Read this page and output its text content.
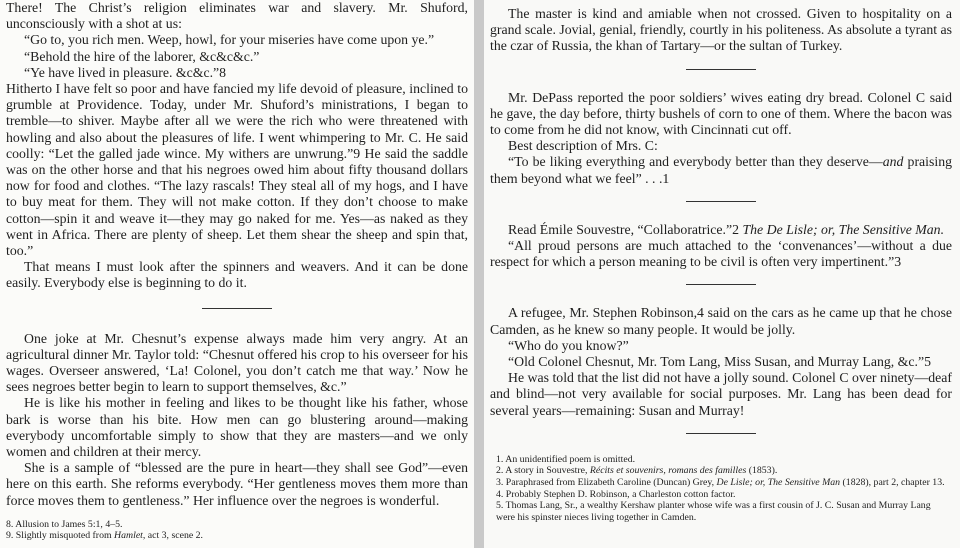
There! The Christ’s religion eliminates war and slavery. Mr. Shuford, unconsciously with a shot at us:

“Go to, you rich men. Weep, howl, for your miseries have come upon ye.”

“Behold the hire of the laborer, &c&c&c.”

“Ye have lived in pleasure. &c&c.”8

Hitherto I have felt so poor and have fancied my life devoid of pleasure, inclined to grumble at Providence. Today, under Mr. Shuford’s ministrations, I began to tremble—to shiver. Maybe after all we were the rich who were threatened with howling and also about the pleasures of life. I went whimpering to Mr. C. He said coolly: “Let the galled jade wince. My withers are unwrung.”9 He said the saddle was on the other horse and that his negroes owed him about fifty thousand dollars now for food and clothes. “The lazy rascals! They steal all of my hogs, and I have to buy meat for them. They will not make cotton. If they don’t choose to make cotton—spin it and weave it—they may go naked for me. Yes—as naked as they went in Africa. There are plenty of sheep. Let them shear the sheep and spin that, too.”

That means I must look after the spinners and weavers. And it can be done easily. Everybody else is beginning to do it.

One joke at Mr. Chesnut’s expense always made him very angry. At an agricultural dinner Mr. Taylor told: “Chesnut offered his crop to his overseer for his wages. Overseer answered, ‘La! Colonel, you don’t catch me that way.’ Now he sees negroes better begin to learn to support themselves, &c.”

He is like his mother in feeling and likes to be thought like his father, whose bark is worse than his bite. How men can go blustering around—making everybody uncomfortable simply to show that they are masters—and we only women and children at their mercy.

She is a sample of “blessed are the pure in heart—they shall see God”—even here on this earth. She reforms everybody. “Her gentleness moves them more than force moves them to gentleness.” Her influence over the negroes is wonderful.

8. Allusion to James 5:1, 4–5.

9. Slightly misquoted from Hamlet, act 3, scene 2.

The master is kind and amiable when not crossed. Given to hospitality on a grand scale. Jovial, genial, friendly, courtly in his politeness. As absolute a tyrant as the czar of Russia, the khan of Tartary—or the sultan of Turkey.

Mr. DePass reported the poor soldiers’ wives eating dry bread. Colonel C said he gave, the day before, thirty bushels of corn to one of them. Where the bacon was to come from he did not know, with Cincinnati cut off.

Best description of Mrs. C:

“To be liking everything and everybody better than they deserve—and praising them beyond what we feel” . . .1

Read Émile Souvestre, “Collaboratrice.”2 The De Lisle; or, The Sensitive Man.

“All proud persons are much attached to the ‘convenances’—without a due respect for which a person meaning to be civil is often very impertinent.”3

A refugee, Mr. Stephen Robinson,4 said on the cars as he came up that he chose Camden, as he knew so many people. It would be jolly.

“Who do you know?”

“Old Colonel Chesnut, Mr. Tom Lang, Miss Susan, and Murray Lang, &c.”5

He was told that the list did not have a jolly sound. Colonel C over ninety—deaf and blind—not very available for social purposes. Mr. Lang has been dead for several years—remaining: Susan and Murray!

1. An unidentified poem is omitted.

2. A story in Souvestre, Récits et souvenirs, romans des familles (1853).

3. Paraphrased from Elizabeth Caroline (Duncan) Grey, De Lisle; or, The Sensitive Man (1828), part 2, chapter 13.

4. Probably Stephen D. Robinson, a Charleston cotton factor.

5. Thomas Lang, Sr., a wealthy Kershaw planter whose wife was a first cousin of J. C. Susan and Murray Lang were his spinster nieces living together in Camden.
